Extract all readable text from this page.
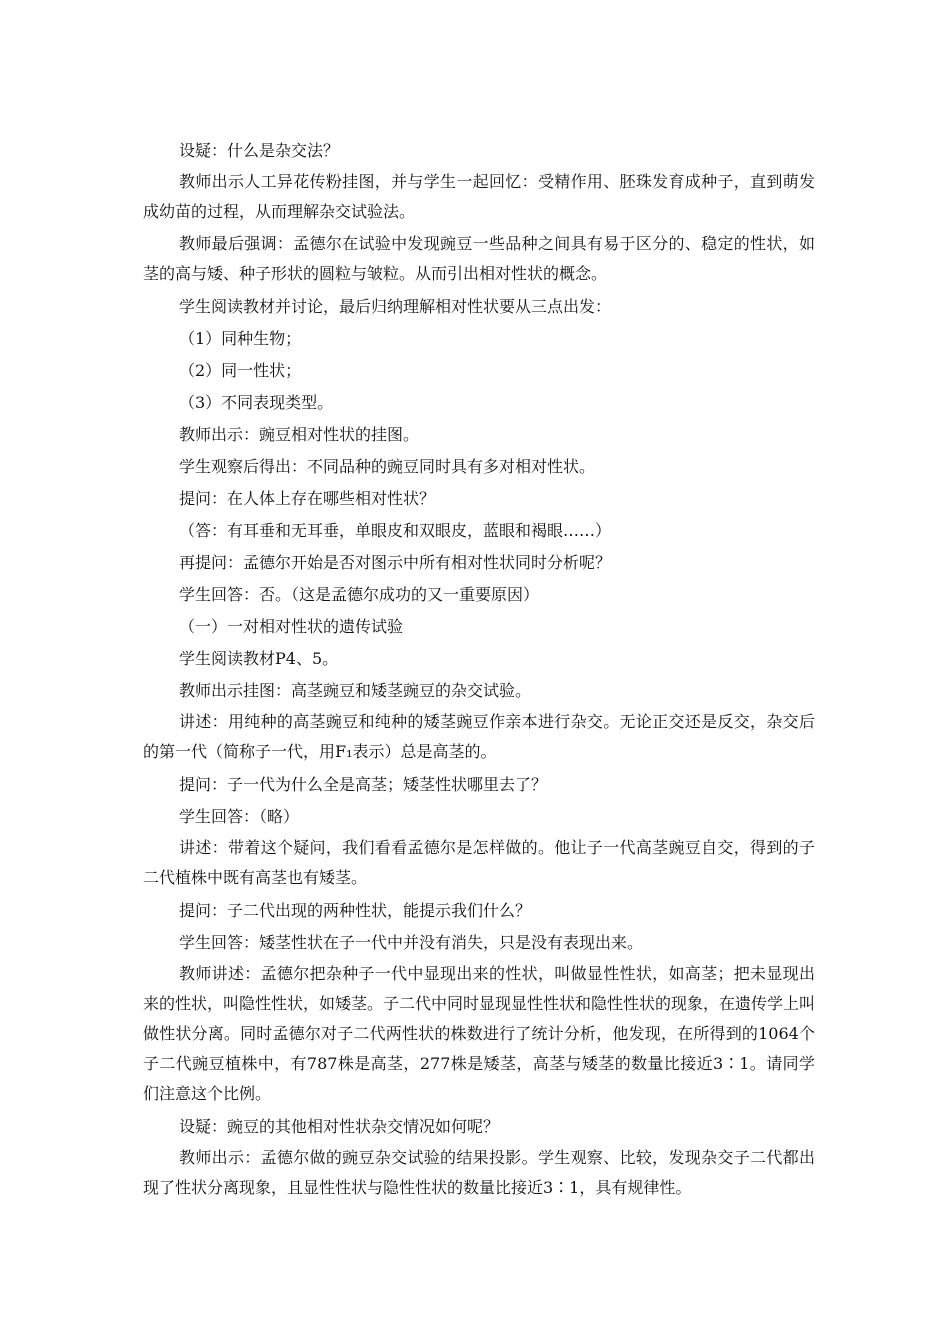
设疑：什么是杂交法？

教师出示人工异花传粉挂图，并与学生一起回忆：受精作用、胚珠发育成种子，直到萌发成幼苗的过程，从而理解杂交试验法。

教师最后强调：孟德尔在试验中发现豌豆一些品种之间具有易于区分的、稳定的性状，如茎的高与矮、种子形状的圆粒与皱粒。从而引出相对性状的概念。

学生阅读教材并讨论，最后归纳理解相对性状要从三点出发：

（1）同种生物；

（2）同一性状；

（3）不同表现类型。

教师出示：豌豆相对性状的挂图。

学生观察后得出：不同品种的豌豆同时具有多对相对性状。

提问：在人体上存在哪些相对性状？

（答：有耳垂和无耳垂，单眼皮和双眼皮，蓝眼和褐眼……）

再提问：孟德尔开始是否对图示中所有相对性状同时分析呢？

学生回答：否。（这是孟德尔成功的又一重要原因）

（一）一对相对性状的遗传试验

学生阅读教材P4、5。

教师出示挂图：高茎豌豆和矮茎豌豆的杂交试验。

讲述：用纯种的高茎豌豆和纯种的矮茎豌豆作亲本进行杂交。无论正交还是反交，杂交后的第一代（简称子一代，用F₁表示）总是高茎的。

提问：子一代为什么全是高茎；矮茎性状哪里去了？

学生回答：（略）

讲述：带着这个疑问，我们看看孟德尔是怎样做的。他让子一代高茎豌豆自交，得到的子二代植株中既有高茎也有矮茎。

提问：子二代出现的两种性状，能提示我们什么？

学生回答：矮茎性状在子一代中并没有消失，只是没有表现出来。

教师讲述：孟德尔把杂种子一代中显现出来的性状，叫做显性性状，如高茎；把未显现出来的性状，叫隐性性状，如矮茎。子二代中同时显现显性性状和隐性性状的现象，在遗传学上叫做性状分离。同时孟德尔对子二代两性状的株数进行了统计分析，他发现，在所得到的1064个子二代豌豆植株中，有787株是高茎，277株是矮茎，高茎与矮茎的数量比接近3∶1。请同学们注意这个比例。

设疑：豌豆的其他相对性状杂交情况如何呢？

教师出示：孟德尔做的豌豆杂交试验的结果投影。学生观察、比较，发现杂交子二代都出现了性状分离现象，且显性性状与隐性性状的数量比接近3∶1，具有规律性。
